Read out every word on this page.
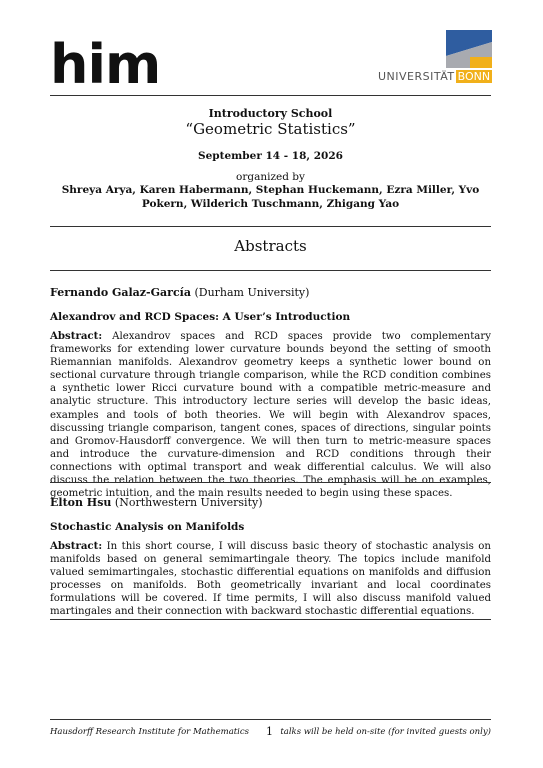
him	UNIVERSITÄT BONN
Introductory School
“Geometric Statistics”
September 14 - 18, 2026
organized by
Shreya Arya, Karen Habermann, Stephan Huckemann, Ezra Miller, Yvo Pokern, Wilderich Tuschmann, Zhigang Yao
Abstracts
Fernando Galaz-García (Durham University)
Alexandrov and RCD Spaces: A User’s Introduction
Abstract: Alexandrov spaces and RCD spaces provide two complementary frameworks for extending lower curvature bounds beyond the setting of smooth Riemannian manifolds. Alexandrov geometry keeps a synthetic lower bound on sectional curvature through triangle comparison, while the RCD condition combines a synthetic lower Ricci curvature bound with a compatible metric-measure and analytic structure. This introductory lecture series will develop the basic ideas, examples and tools of both theories. We will begin with Alexandrov spaces, discussing triangle comparison, tangent cones, spaces of directions, singular points and Gromov-Hausdorff convergence. We will then turn to metric-measure spaces and introduce the curvature-dimension and RCD conditions through their connections with optimal transport and weak differential calculus. We will also discuss the relation between the two theories. The emphasis will be on examples, geometric intuition, and the main results needed to begin using these spaces.
Elton Hsu (Northwestern University)
Stochastic Analysis on Manifolds
Abstract: In this short course, I will discuss basic theory of stochastic analysis on manifolds based on general semimartingale theory. The topics include manifold valued semimartingales, stochastic differential equations on manifolds and diffusion processes on manifolds. Both geometrically invariant and local coordinates formulations will be covered. If time permits, I will also discuss manifold valued martingales and their connection with backward stochastic differential equations.
Hausdorff Research Institute for Mathematics 1 talks will be held on-site (for invited guests only)
